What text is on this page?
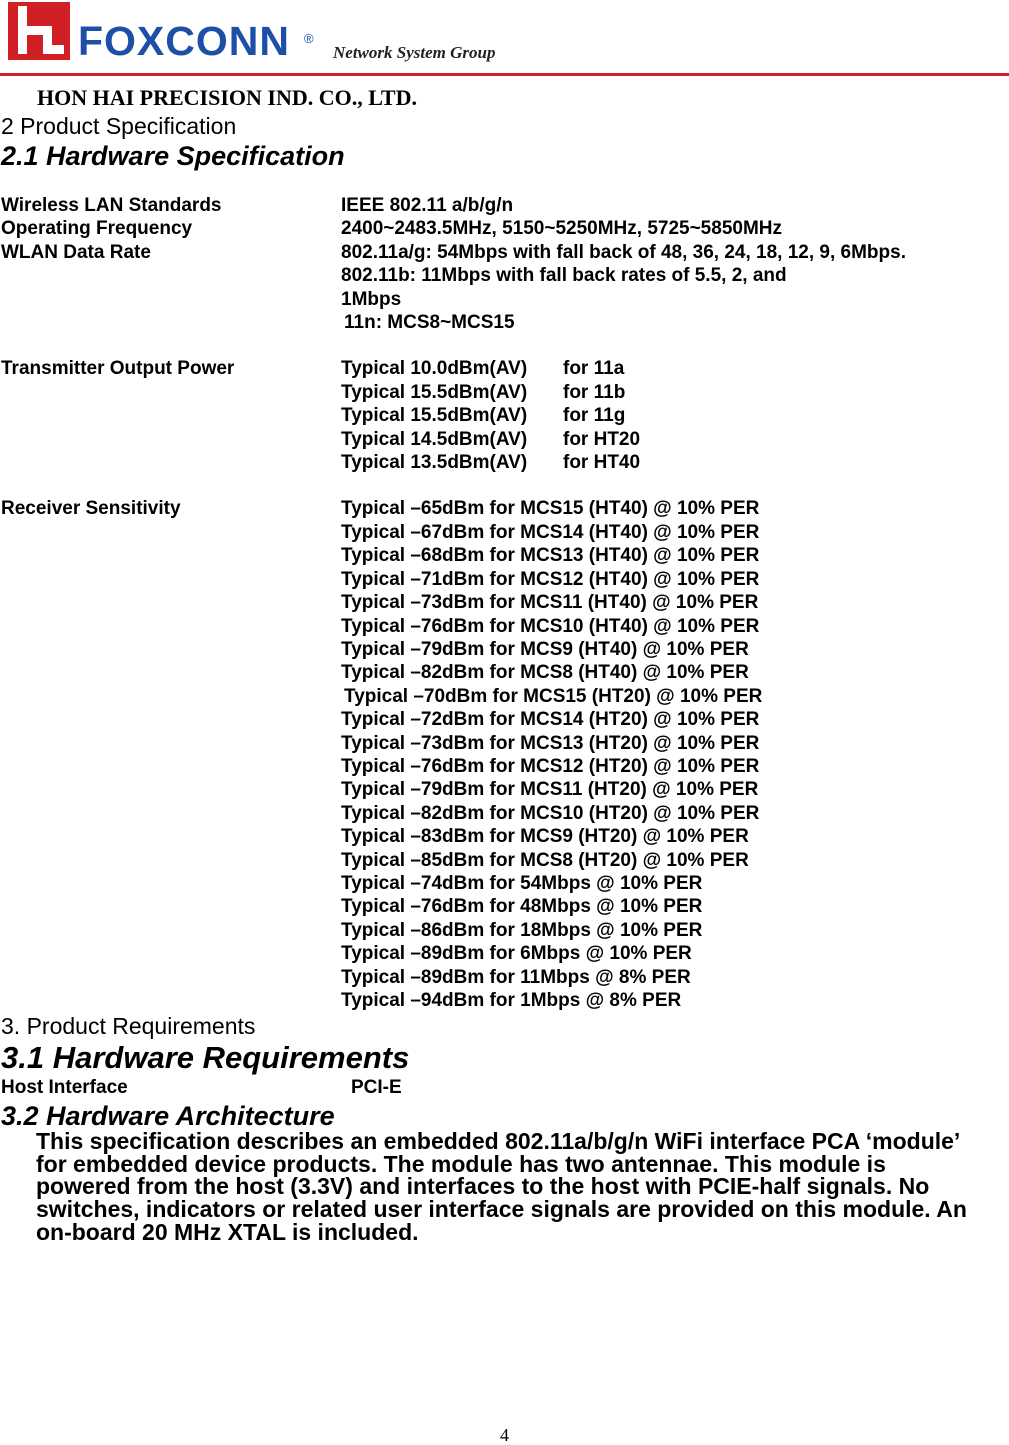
FOXCONN ®
Network System Group
HON HAI PRECISION IND. CO., LTD.
2 Product Specification
2.1 Hardware Specification
Wireless LAN Standards	IEEE 802.11 a/b/g/n
Operating Frequency	2400~2483.5MHz, 5150~5250MHz, 5725~5850MHz
WLAN Data Rate	802.11a/g: 54Mbps with fall back of 48, 36, 24, 18, 12, 9, 6Mbps.
802.11b: 11Mbps with fall back rates of 5.5, 2, and
1Mbps
11n: MCS8~MCS15
Transmitter Output Power	Typical 10.0dBm(AV)	for 11a
Typical 15.5dBm(AV)	for 11b
Typical 15.5dBm(AV)	for 11g
Typical 14.5dBm(AV)	for HT20
Typical 13.5dBm(AV)	for HT40
Receiver Sensitivity	Typical –65dBm for MCS15 (HT40) @ 10% PER
Typical –67dBm for MCS14 (HT40) @ 10% PER
Typical –68dBm for MCS13 (HT40) @ 10% PER
Typical –71dBm for MCS12 (HT40) @ 10% PER
Typical –73dBm for MCS11 (HT40) @ 10% PER
Typical –76dBm for MCS10 (HT40) @ 10% PER
Typical –79dBm for MCS9 (HT40) @ 10% PER
Typical –82dBm for MCS8 (HT40) @ 10% PER
Typical –70dBm for MCS15 (HT20) @ 10% PER
Typical –72dBm for MCS14 (HT20) @ 10% PER
Typical –73dBm for MCS13 (HT20) @ 10% PER
Typical –76dBm for MCS12 (HT20) @ 10% PER
Typical –79dBm for MCS11 (HT20) @ 10% PER
Typical –82dBm for MCS10 (HT20) @ 10% PER
Typical –83dBm for MCS9 (HT20) @ 10% PER
Typical –85dBm for MCS8 (HT20) @ 10% PER
Typical –74dBm for 54Mbps @ 10% PER
Typical –76dBm for 48Mbps @ 10% PER
Typical –86dBm for 18Mbps @ 10% PER
Typical –89dBm for 6Mbps @ 10% PER
Typical –89dBm for 11Mbps @ 8% PER
Typical –94dBm for 1Mbps @ 8% PER
3. Product Requirements
3.1 Hardware Requirements
Host Interface	PCI-E
3.2 Hardware Architecture
This specification describes an embedded 802.11a/b/g/n WiFi interface PCA ‘module’ for embedded device products. The module has two antennae. This module is powered from the host (3.3V) and interfaces to the host with PCIE-half signals. No switches, indicators or related user interface signals are provided on this module. An on-board 20 MHz XTAL is included.
4
